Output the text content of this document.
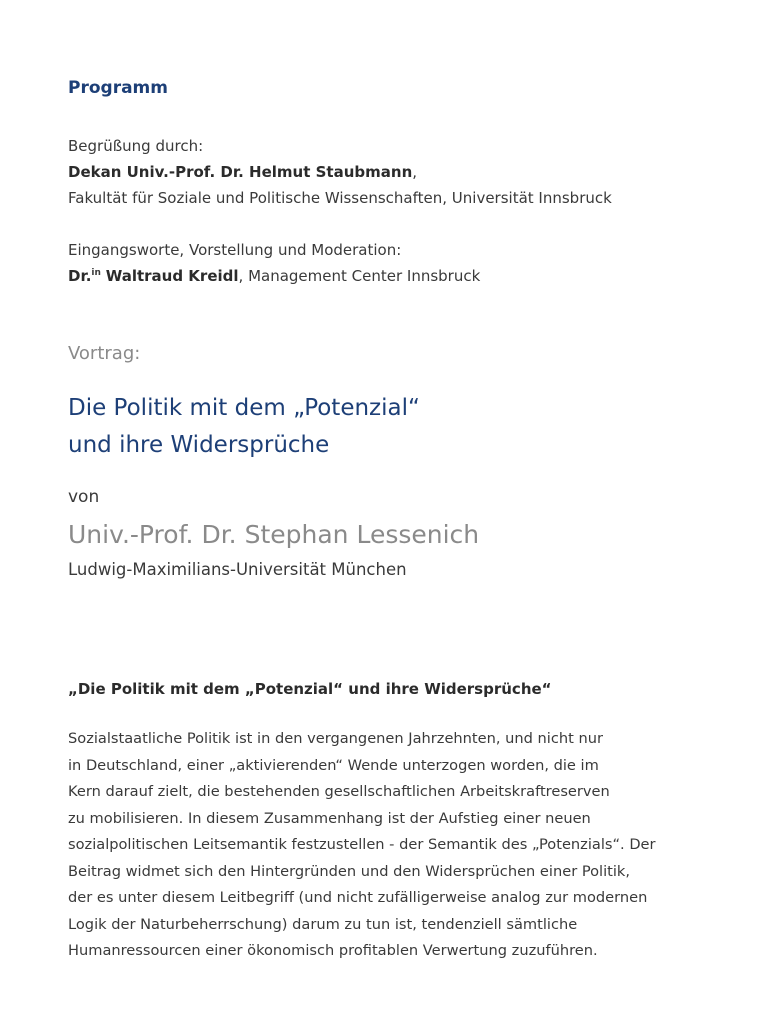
Programm

Begrüßung durch:

Dekan Univ.-Prof. Dr. Helmut Staubmann,

Fakultät für Soziale und Politische Wissenschaften, Universität Innsbruck

Eingangsworte, Vorstellung und Moderation:

Dr.$^{in}$ Waltraud Kreidl, Management Center Innsbruck

Vortrag:

Die Politik mit dem „Potenzial“
und ihre Widersprüche

von

Univ.-Prof. Dr. Stephan Lessenich

Ludwig-Maximilians-Universität München

„Die Politik mit dem „Potenzial“ und ihre Widersprüche“

Sozialstaatliche Politik ist in den vergangenen Jahrzehnten, und nicht nur
in Deutschland, einer „aktivierenden“ Wende unterzogen worden, die im
Kern darauf zielt, die bestehenden gesellschaftlichen Arbeitskraftreserven
zu mobilisieren. In diesem Zusammenhang ist der Aufstieg einer neuen
sozialpolitischen Leitsemantik festzustellen - der Semantik des „Potenzials“. Der
Beitrag widmet sich den Hintergründen und den Widersprüchen einer Politik,
der es unter diesem Leitbegriff (und nicht zufälligerweise analog zur modernen
Logik der Naturbeherrschung) darum zu tun ist, tendenziell sämtliche
Humanressourcen einer ökonomisch profitablen Verwertung zuzuführen.
